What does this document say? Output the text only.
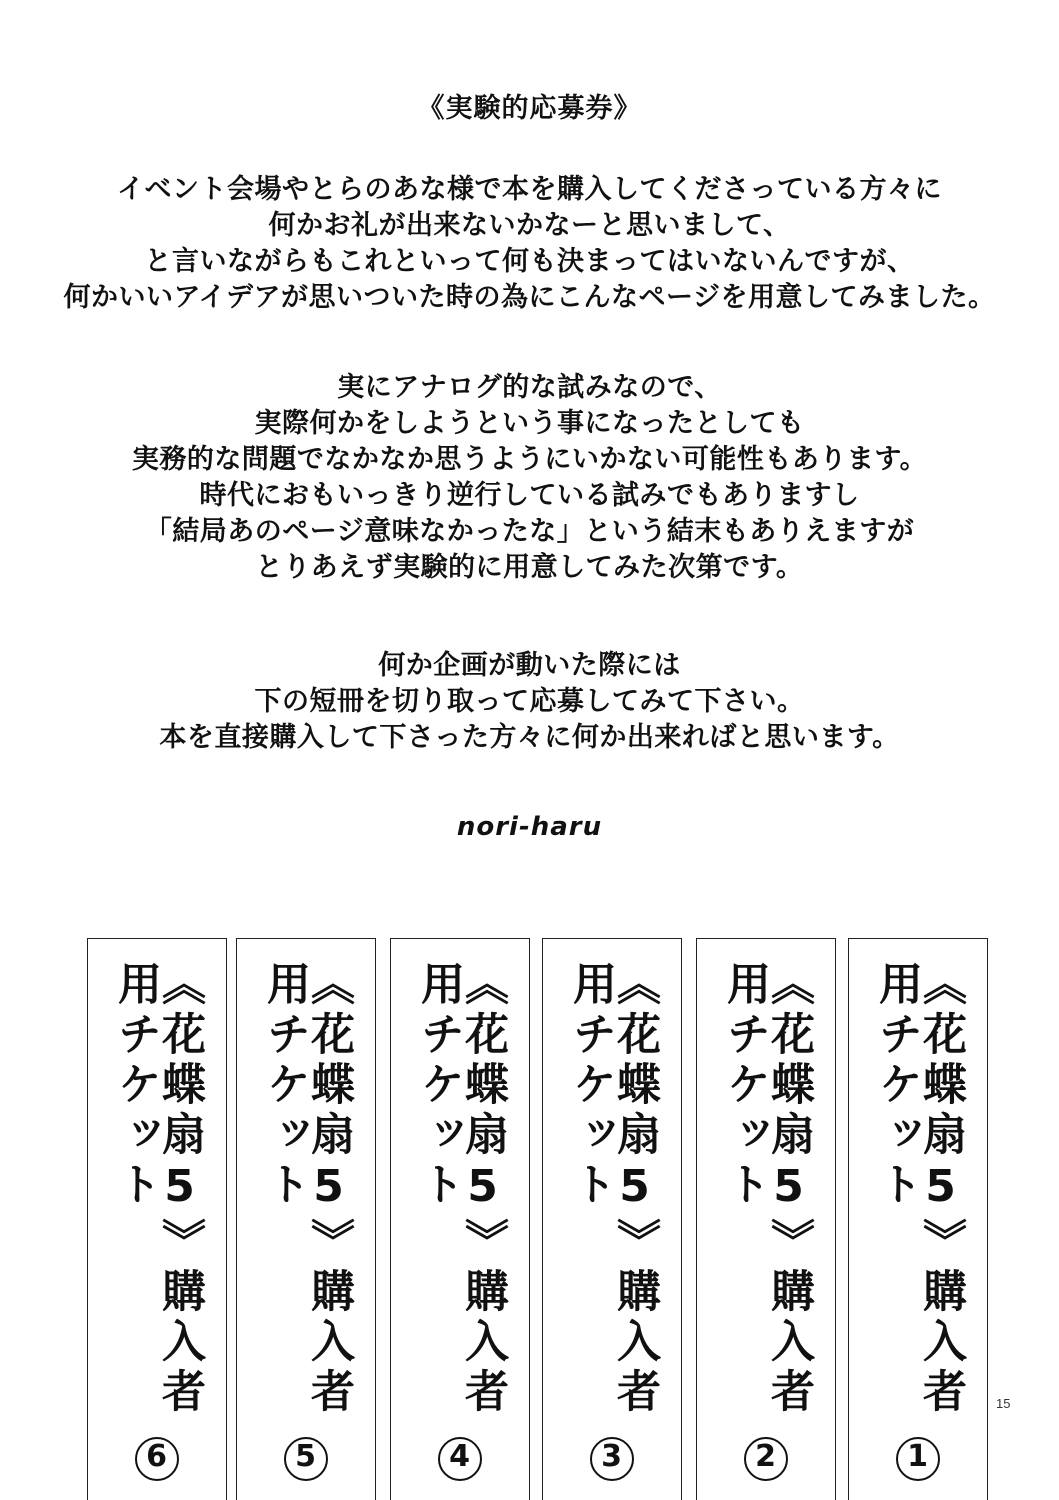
《実験的応募券》
イベント会場やとらのあな様で本を購入してくださっている方々に
何かお礼が出来ないかなーと思いまして、
と言いながらもこれといって何も決まってはいないんですが、
何かいいアイデアが思いついた時の為にこんなページを用意してみました。
実にアナログ的な試みなので、
実際何かをしようという事になったとしても
実務的な問題でなかなか思うようにいかない可能性もあります。
時代におもいっきり逆行している試みでもありますし
「結局あのページ意味なかったな」という結末もありえますが
とりあえず実験的に用意してみた次第です。
何か企画が動いた際には
下の短冊を切り取って応募してみて下さい。
本を直接購入して下さった方々に何か出来ればと思います。
nori-haru
《花蝶扇5》購入者用チケット
6
《花蝶扇5》購入者用チケット
5
《花蝶扇5》購入者用チケット
4
《花蝶扇5》購入者用チケット
3
《花蝶扇5》購入者用チケット
2
《花蝶扇5》購入者用チケット
1
15
